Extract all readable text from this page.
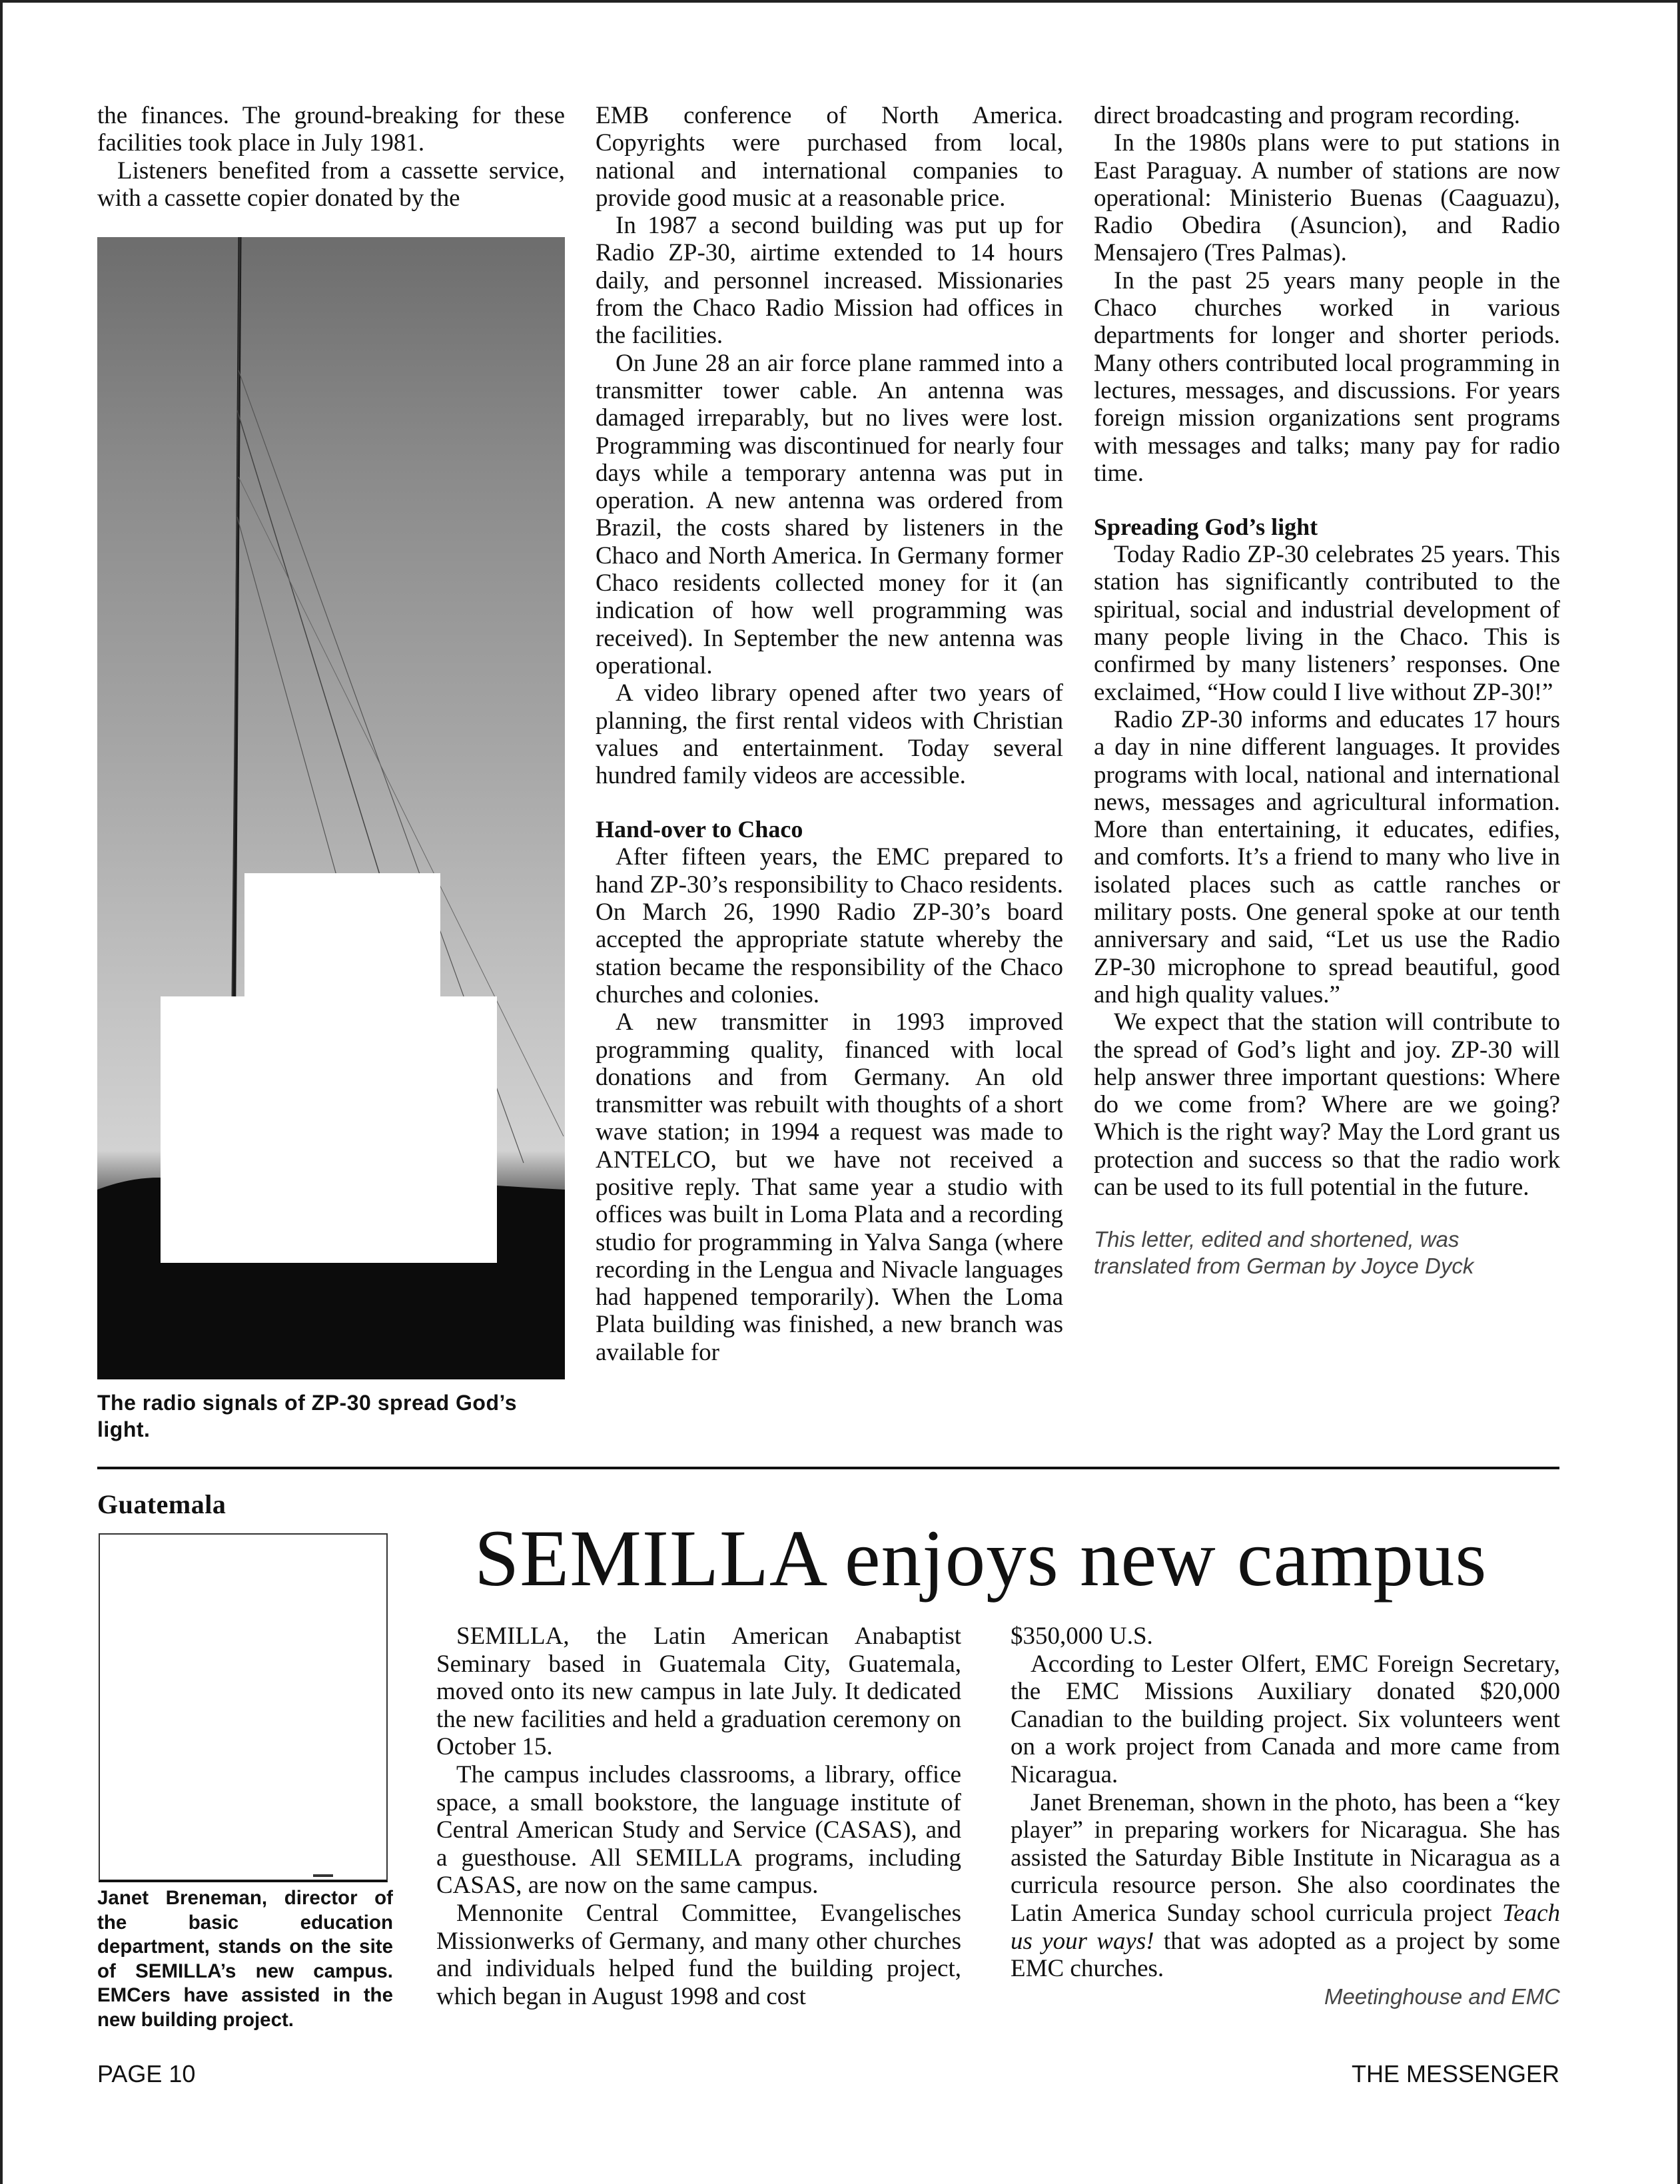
the finances. The ground-breaking for these facilities took place in July 1981.

Listeners benefited from a cassette service, with a cassette copier donated by the

The radio signals of ZP-30 spread God’s light.

EMB conference of North America. Copyrights were purchased from local, national and international companies to provide good music at a reasonable price.

In 1987 a second building was put up for Radio ZP-30, airtime extended to 14 hours daily, and personnel increased. Missionaries from the Chaco Radio Mission had offices in the facilities.

On June 28 an air force plane rammed into a transmitter tower cable. An antenna was damaged irreparably, but no lives were lost. Programming was discontinued for nearly four days while a temporary antenna was put in operation. A new antenna was ordered from Brazil, the costs shared by listeners in the Chaco and North America. In Germany former Chaco residents collected money for it (an indication of how well programming was received). In September the new antenna was operational.

A video library opened after two years of planning, the first rental videos with Christian values and entertainment. Today several hundred family videos are accessible.

Hand-over to Chaco

After fifteen years, the EMC prepared to hand ZP-30’s responsibility to Chaco residents. On March 26, 1990 Radio ZP-30’s board accepted the appropriate statute whereby the station became the responsibility of the Chaco churches and colonies.

A new transmitter in 1993 improved programming quality, financed with local donations and from Germany. An old transmitter was rebuilt with thoughts of a short wave station; in 1994 a request was made to ANTELCO, but we have not received a positive reply. That same year a studio with offices was built in Loma Plata and a recording studio for programming in Yalva Sanga (where recording in the Lengua and Nivacle languages had happened temporarily). When the Loma Plata building was finished, a new branch was available for

direct broadcasting and program recording.

In the 1980s plans were to put stations in East Paraguay. A number of stations are now operational: Ministerio Buenas (Caaguazu), Radio Obedira (Asuncion), and Radio Mensajero (Tres Palmas).

In the past 25 years many people in the Chaco churches worked in various departments for longer and shorter periods. Many others contributed local programming in lectures, messages, and discussions. For years foreign mission organizations sent programs with messages and talks; many pay for radio time.

Spreading God’s light

Today Radio ZP-30 celebrates 25 years. This station has significantly contributed to the spiritual, social and industrial development of many people living in the Chaco. This is confirmed by many listeners’ responses. One exclaimed, “How could I live without ZP-30!”

Radio ZP-30 informs and educates 17 hours a day in nine different languages. It provides programs with local, national and international news, messages and agricultural information. More than entertaining, it educates, edifies, and comforts. It’s a friend to many who live in isolated places such as cattle ranches or military posts. One general spoke at our tenth anniversary and said, “Let us use the Radio ZP-30 microphone to spread beautiful, good and high quality values.”

We expect that the station will contribute to the spread of God’s light and joy. ZP-30 will help answer three important questions: Where do we come from? Where are we going? Which is the right way? May the Lord grant us protection and success so that the radio work can be used to its full potential in the future.

This letter, edited and shortened, was translated from German by Joyce Dyck

Guatemala
Janet Breneman, director of the basic education department, stands on the site of SEMILLA’s new campus. EMCers have assisted in the new building project.
SEMILLA enjoys new campus

SEMILLA, the Latin American Anabaptist Seminary based in Guatemala City, Guatemala, moved onto its new campus in late July. It dedicated the new facilities and held a graduation ceremony on October 15.

The campus includes classrooms, a library, office space, a small bookstore, the language institute of Central American Study and Service (CASAS), and a guesthouse. All SEMILLA programs, including CASAS, are now on the same campus.

Mennonite Central Committee, Evangelisches Missionwerks of Germany, and many other churches and individuals helped fund the building project, which began in August 1998 and cost

$350,000 U.S.

According to Lester Olfert, EMC Foreign Secretary, the EMC Missions Auxiliary donated $20,000 Canadian to the building project. Six volunteers went on a work project from Canada and more came from Nicaragua.

Janet Breneman, shown in the photo, has been a “key player” in preparing workers for Nicaragua. She has assisted the Saturday Bible Institute in Nicaragua as a curricula resource person. She also coordinates the Latin America Sunday school curricula project Teach us your ways! that was adopted as a project by some EMC churches.

Meetinghouse and EMC

PAGE 10	THE MESSENGER
